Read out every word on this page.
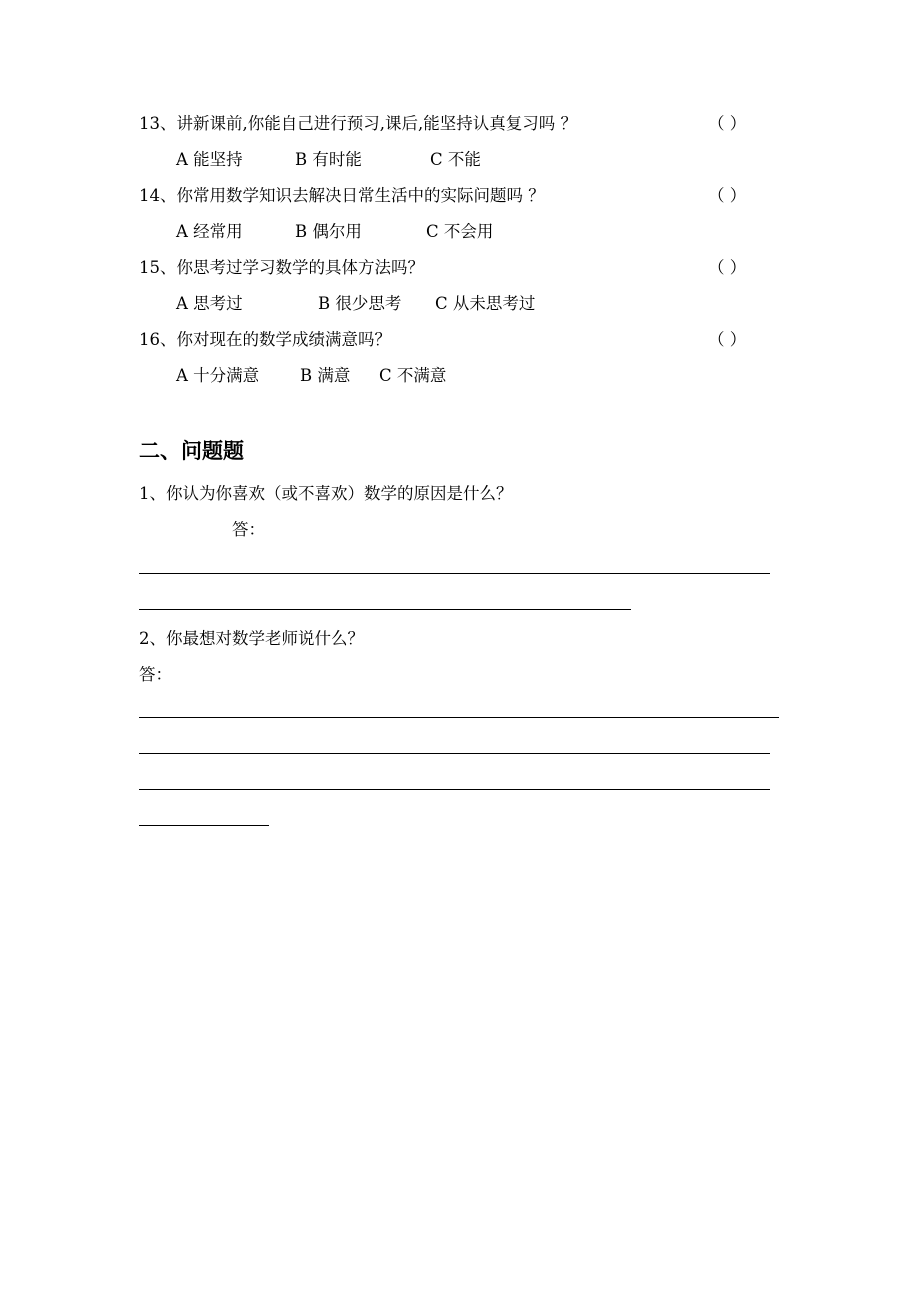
13、讲新课前,你能自己进行预习,课后,能坚持认真复习吗 ？	（ ）
A 能坚持	B 有时能	C 不能
14、你常用数学知识去解决日常生活中的实际问题吗 ？	（ ）
A 经常用	B 偶尔用	C 不会用
15、你思考过学习数学的具体方法吗？	（ ）
A 思考过	B 很少思考 C 从未思考过
16、你对现在的数学成绩满意吗？	（ ）
A 十分满意 B 满意 C 不满意
二、问题题
1、你认为你喜欢（或不喜欢）数学的原因是什么？
答：
2、你最想对数学老师说什么？
答：
